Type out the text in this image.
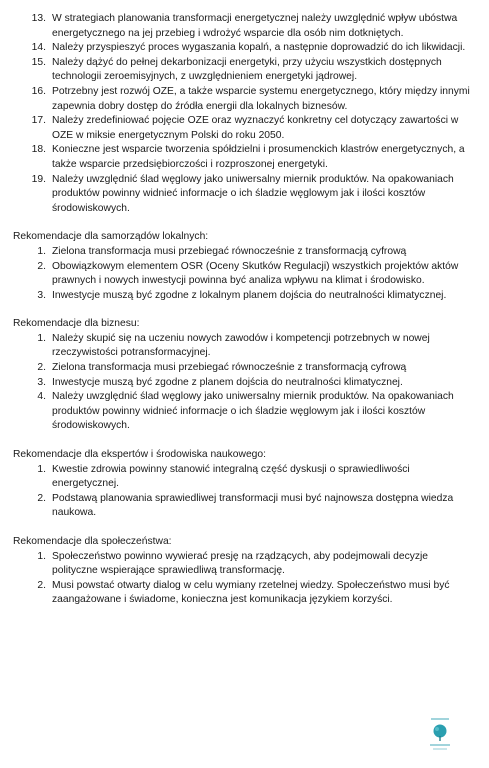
13. W strategiach planowania transformacji energetycznej należy uwzględnić wpływ ubóstwa energetycznego na jej przebieg i wdrożyć wsparcie dla osób nim dotkniętych.
14. Należy przyspieszyć proces wygaszania kopalń, a następnie doprowadzić do ich likwidacji.
15. Należy dążyć do pełnej dekarbonizacji energetyki, przy użyciu wszystkich dostępnych technologii zeroemisyjnych, z uwzględnieniem energetyki jądrowej.
16. Potrzebny jest rozwój OZE, a także wsparcie systemu energetycznego, który między innymi zapewnia dobry dostęp do źródła energii dla lokalnych biznesów.
17. Należy zredefiniować pojęcie OZE oraz wyznaczyć konkretny cel dotyczący zawartości w OZE w miksie energetycznym Polski do roku 2050.
18. Konieczne jest wsparcie tworzenia spółdzielni i prosumenckich klastrów energetycznych, a także wsparcie przedsiębiorczości i rozproszonej energetyki.
19. Należy uwzględnić ślad węglowy jako uniwersalny miernik produktów. Na opakowaniach produktów powinny widnieć informacje o ich śladzie węglowym jak i ilości kosztów środowiskowych.
Rekomendacje dla samorządów lokalnych:
1. Zielona transformacja musi przebiegać równocześnie z transformacją cyfrową
2. Obowiązkowym elementem OSR (Oceny Skutków Regulacji) wszystkich projektów aktów prawnych i nowych inwestycji powinna być analiza wpływu na klimat i środowisko.
3. Inwestycje muszą być zgodne z lokalnym planem dojścia do neutralności klimatycznej.
Rekomendacje dla biznesu:
1. Należy skupić się na uczeniu nowych zawodów i kompetencji potrzebnych w nowej rzeczywistości potransformacyjnej.
2. Zielona transformacja musi przebiegać równocześnie z transformacją cyfrową
3. Inwestycje muszą być zgodne z planem dojścia do neutralności klimatycznej.
4. Należy uwzględnić ślad węglowy jako uniwersalny miernik produktów. Na opakowaniach produktów powinny widnieć informacje o ich śladzie węglowym jak i ilości kosztów środowiskowych.
Rekomendacje dla ekspertów i środowiska naukowego:
1. Kwestie zdrowia powinny stanowić integralną część dyskusji o sprawiedliwości energetycznej.
2. Podstawą planowania sprawiedliwej transformacji musi być najnowsza dostępna wiedza naukowa.
Rekomendacje dla społeczeństwa:
1. Społeczeństwo powinno wywierać presję na rządzących, aby podejmowali decyzje polityczne wspierające sprawiedliwą transformację.
2. Musi powstać otwarty dialog w celu wymiany rzetelnej wiedzy. Społeczeństwo musi być zaangażowane i świadome, konieczna jest komunikacja językiem korzyści.
